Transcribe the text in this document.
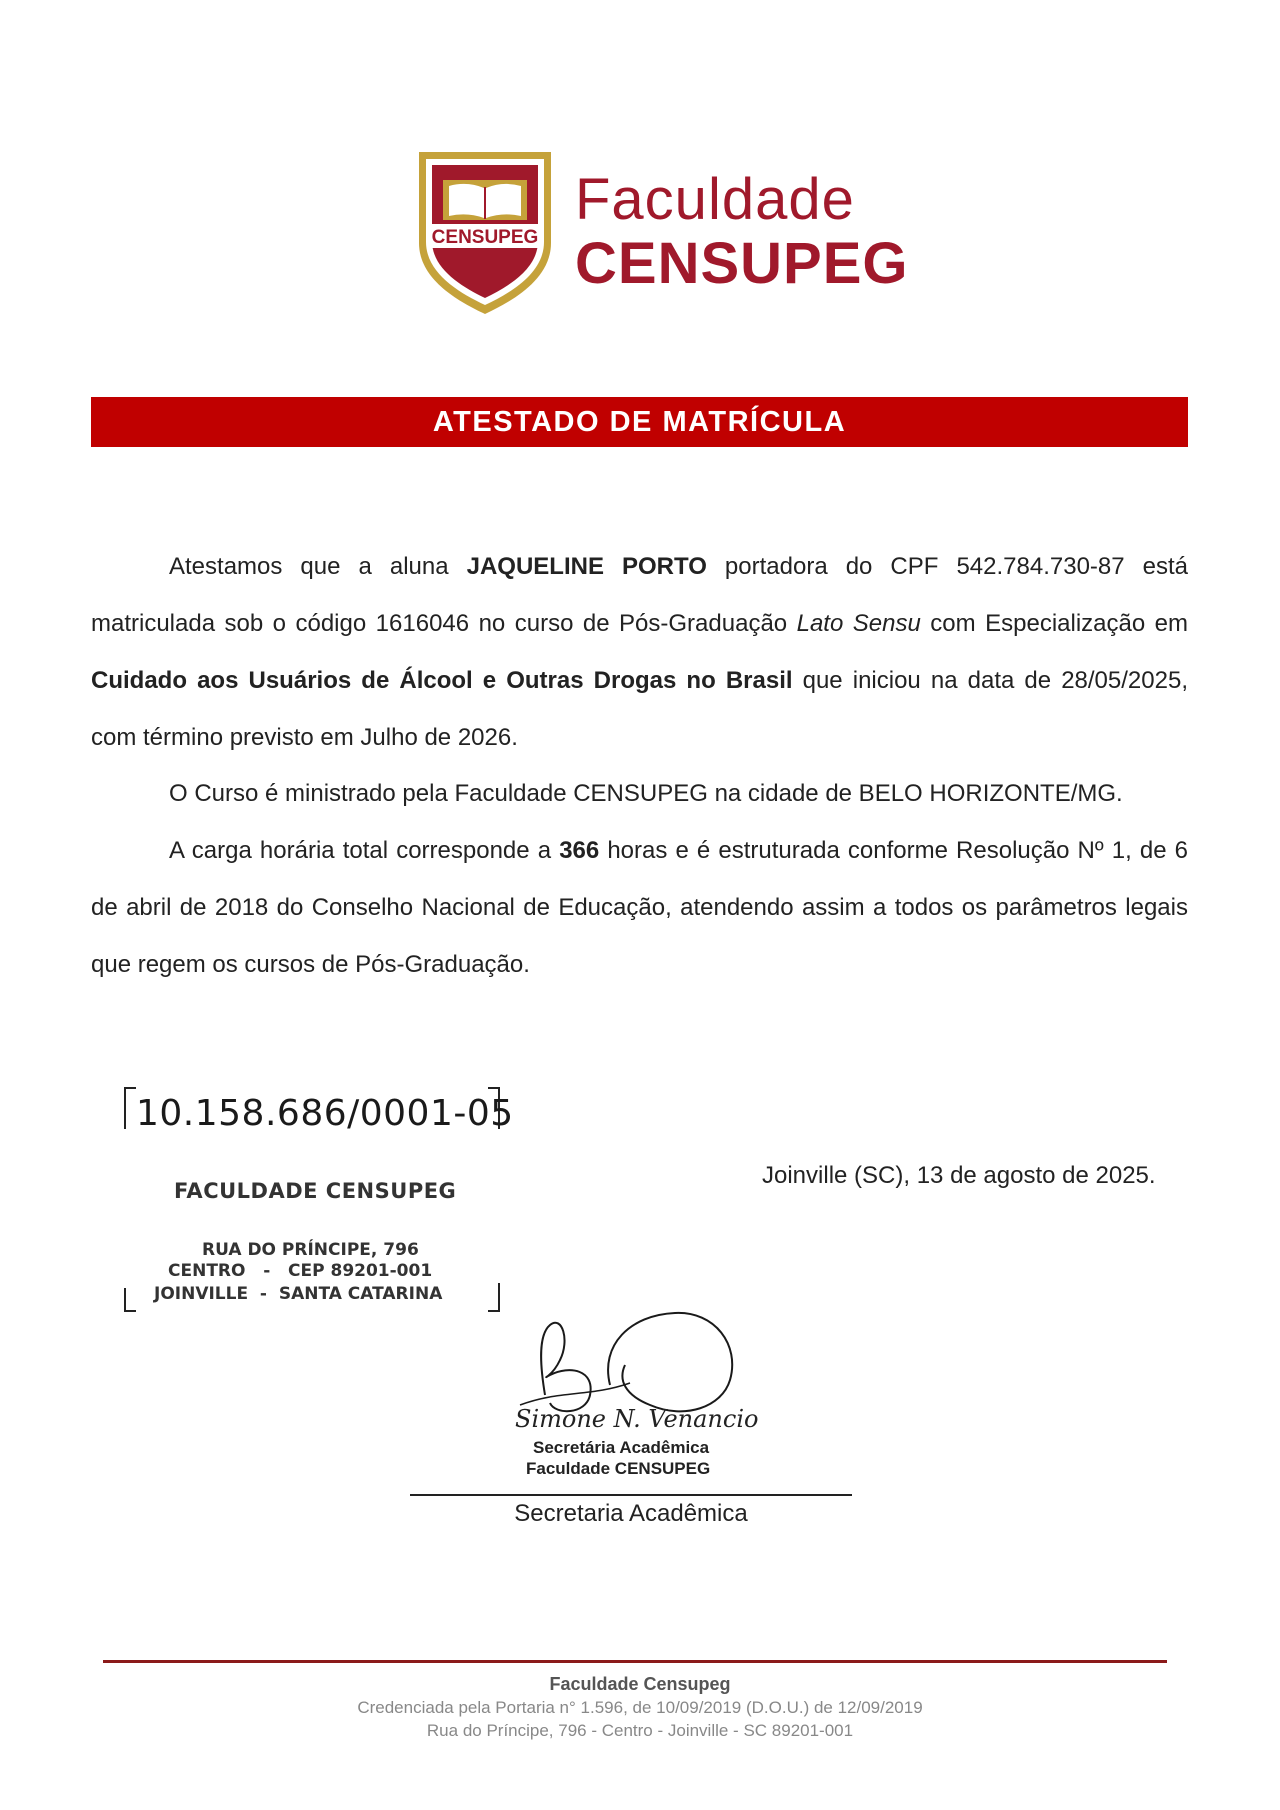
CENSUPEG
Faculdade
CENSUPEG
ATESTADO DE MATRÍCULA
Atestamos que a aluna JAQUELINE PORTO portadora do CPF 542.784.730-87 está matriculada sob o código 1616046 no curso de Pós-Graduação Lato Sensu com Especialização em Cuidado aos Usuários de Álcool e Outras Drogas no Brasil que iniciou na data de 28/05/2025, com término previsto em Julho de 2026.
O Curso é ministrado pela Faculdade CENSUPEG na cidade de BELO HORIZONTE/MG.
A carga horária total corresponde a 366 horas e é estruturada conforme Resolução Nº 1, de 6 de abril de 2018 do Conselho Nacional de Educação, atendendo assim a todos os parâmetros legais que regem os cursos de Pós-Graduação.
10.158.686/0001-05
FACULDADE CENSUPEG
RUA DO PRÍNCIPE, 796
CENTRO   -   CEP 89201-001
JOINVILLE  -  SANTA CATARINA
Joinville (SC), 13 de agosto de 2025.
Simone N. Venancio
Secretária Acadêmica
Faculdade CENSUPEG
Secretaria Acadêmica
Faculdade Censupeg
Credenciada pela Portaria n° 1.596, de 10/09/2019 (D.O.U.) de 12/09/2019
Rua do Príncipe, 796 - Centro - Joinville - SC 89201-001
